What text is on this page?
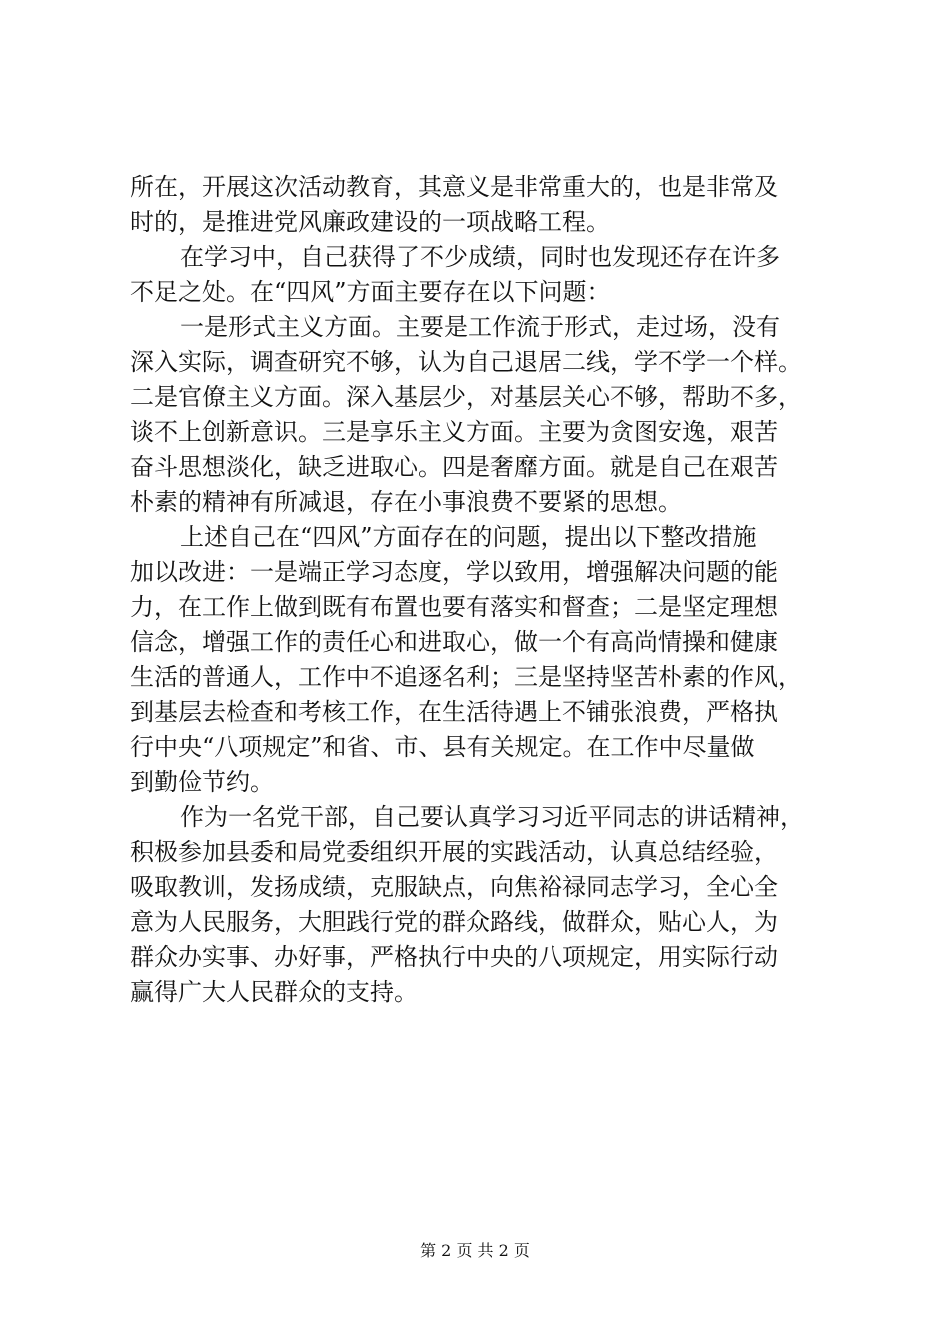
所在，开展这次活动教育，其意义是非常重大的，也是非常及
时的，是推进党风廉政建设的一项战略工程。
在学习中，自己获得了不少成绩，同时也发现还存在许多
不足之处。在“四风”方面主要存在以下问题：
一是形式主义方面。主要是工作流于形式，走过场，没有
深入实际，调查研究不够，认为自己退居二线，学不学一个样。
二是官僚主义方面。深入基层少，对基层关心不够，帮助不多，
谈不上创新意识。三是享乐主义方面。主要为贪图安逸，艰苦
奋斗思想淡化，缺乏进取心。四是奢靡方面。就是自己在艰苦
朴素的精神有所减退，存在小事浪费不要紧的思想。
上述自己在“四风”方面存在的问题，提出以下整改措施
加以改进：一是端正学习态度，学以致用，增强解决问题的能
力，在工作上做到既有布置也要有落实和督查；二是坚定理想
信念，增强工作的责任心和进取心，做一个有高尚情操和健康
生活的普通人，工作中不追逐名利；三是坚持坚苦朴素的作风，
到基层去检查和考核工作，在生活待遇上不铺张浪费，严格执
行中央“八项规定”和省、市、县有关规定。在工作中尽量做
到勤俭节约。
作为一名党干部，自己要认真学习习近平同志的讲话精神，
积极参加县委和局党委组织开展的实践活动，认真总结经验，
吸取教训，发扬成绩，克服缺点，向焦裕禄同志学习，全心全
意为人民服务，大胆践行党的群众路线，做群众，贴心人，为
群众办实事、办好事，严格执行中央的八项规定，用实际行动
赢得广大人民群众的支持。
第 2 页 共 2 页
